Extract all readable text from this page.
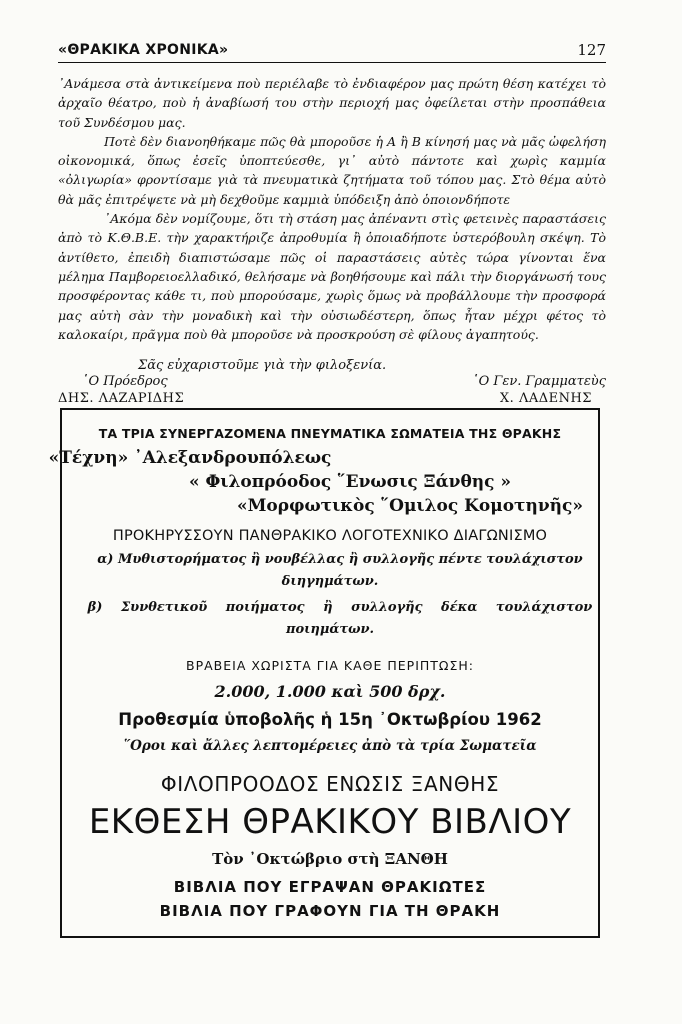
«ΘΡΑΚΙΚΑ ΧΡΟΝΙΚΑ»	127

᾽Ανάμεσα στὰ ἀντικείμενα ποὺ περιέλαβε τὸ ἐνδιαφέρον μας πρώτη θέση κατέχει τὸ ἀρχαῖο θέατρο, ποὺ ἡ ἀναβίωσή του στὴν περιοχή μας ὀφείλεται στὴν προσπάθεια τοῦ Συνδέσμου μας.

Ποτὲ δὲν διανοηθήκαμε πῶς θὰ μποροῦσε ἡ Α ἢ Β κίνησή μας νὰ μᾶς ὠφελήση οἰκονομικά, ὅπως ἐσεῖς ὑποπτεύεσθε, γι᾽ αὐτὸ πάντοτε καὶ χωρὶς καμμία «ὀλιγωρία» φροντίσαμε γιὰ τὰ πνευματικὰ ζητήματα τοῦ τόπου μας. Στὸ θέμα αὐτὸ θὰ μᾶς ἐπιτρέψετε νὰ μὴ δεχθοῦμε καμμιὰ ὑπόδειξη ἀπὸ ὁποιονδήποτε

᾽Ακόμα δὲν νομίζουμε, ὅτι τὴ στάση μας ἀπέναντι στὶς φετεινὲς παραστάσεις ἀπὸ τὸ Κ.Θ.Β.Ε. τὴν χαρακτήριζε ἀπροθυμία ἢ ὁποιαδήποτε ὑστερόβουλη σκέψη. Τὸ ἀντίθετο, ἐπειδὴ διαπιστώσαμε πῶς οἱ παραστάσεις αὐτὲς τώρα γίνονται ἕνα μέλημα Παμβορειοελλαδικό, θελήσαμε νὰ βοηθήσουμε καὶ πάλι τὴν διοργάνωσή τους προσφέροντας κάθε τι, ποὺ μπορούσαμε, χωρὶς ὅμως νὰ προβάλλουμε τὴν προσφορά μας αὐτὴ σὰν τὴν μοναδικὴ καὶ τὴν οὐσιωδέστερη, ὅπως ἦταν μέχρι φέτος τὸ καλοκαίρι, πρᾶγμα ποὺ θὰ μποροῦσε νὰ προσκρούση σὲ φίλους ἀγαπητούς.

Σᾶς εὐχαριστοῦμε γιὰ τὴν φιλοξενία.
῾Ο Πρόεδρος
ΔΗΣ. ΛΑΖΑΡΙΔΗΣ
῾Ο Γεν. Γραμματεὺς
Χ. ΛΑΔΕΝΗΣ
ΤΑ ΤΡΙΑ ΣΥΝΕΡΓΑΖΟΜΕΝΑ ΠΝΕΥΜΑΤΙΚΑ ΣΩΜΑΤΕΙΑ ΤΗΣ ΘΡΑΚΗΣ
«Τέχνη» ᾽Αλεξανδρουπόλεως
« Φιλοπρόοδος ῞Ενωσις Ξάνθης »
«Μορφωτικὸς ῞Ομιλος Κομοτηνῆς»
ΠΡΟΚΗΡΥΣΣΟΥΝ ΠΑΝΘΡΑΚΙΚΟ ΛΟΓΟΤΕΧΝΙΚΟ ΔΙΑΓΩΝΙΣΜΟ
α) Μυθιστορήματος ἢ νουβέλλας ἢ συλλογῆς πέντε τουλάχιστον
διηγημάτων.
β) Συνθετικοῦ ποιήματος ἢ συλλογῆς δέκα τουλάχιστον
ποιημάτων.
ΒΡΑΒΕΙΑ ΧΩΡΙΣΤΑ ΓΙΑ ΚΑΘΕ ΠΕΡΙΠΤΩΣΗ:
2.000, 1.000 καὶ 500 δρχ.
Προθεσμία ὑποβολῆς ἡ 15η ᾽Οκτωβρίου 1962
῞Οροι καὶ ἄλλες λεπτομέρειες ἀπὸ τὰ τρία Σωματεῖα
ΦΙΛΟΠΡΟΟΔΟΣ ΕΝΩΣΙΣ ΞΑΝΘΗΣ
ΕΚΘΕΣΗ ΘΡΑΚΙΚΟΥ ΒΙΒΛΙΟΥ
Τὸν ᾽Οκτώβριο στὴ ΞΑΝΘΗ
ΒΙΒΛΙΑ ΠΟΥ ΕΓΡΑΨΑΝ ΘΡΑΚΙΩΤΕΣ
ΒΙΒΛΙΑ ΠΟΥ ΓΡΑΦΟΥΝ ΓΙΑ ΤΗ ΘΡΑΚΗ
